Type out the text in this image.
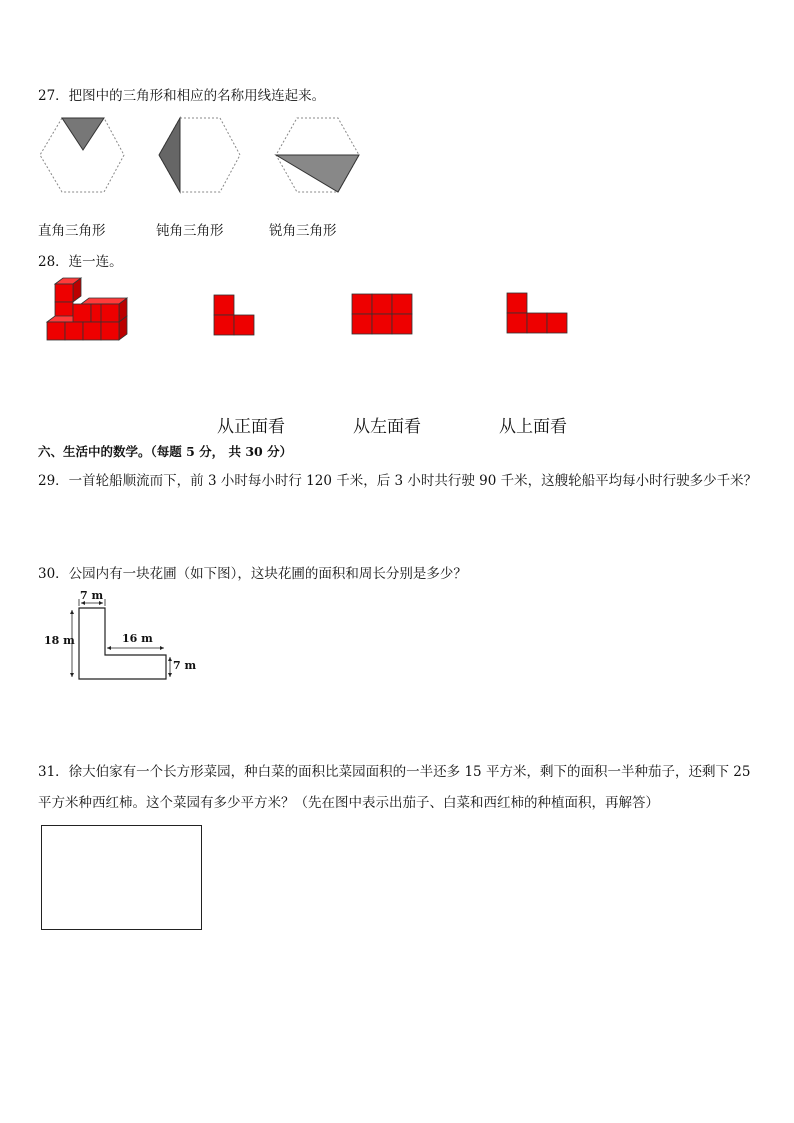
27．把图中的三角形和相应的名称用线连起来。
直角三角形	钝角三角形	锐角三角形
28．连一连。
从正面看	从左面看	从上面看
六、生活中的数学。（每题 5 分， 共 30 分）
29．一首轮船顺流而下，前 3 小时每小时行 120 千米，后 3 小时共行驶 90 千米，这艘轮船平均每小时行驶多少千米？
30．公园内有一块花圃（如下图），这块花圃的面积和周长分别是多少？
7 m
18 m	16 m
7 m
31．徐大伯家有一个长方形菜园，种白菜的面积比菜园面积的一半还多 15 平方米，剩下的面积一半种茄子，还剩下 25
平方米种西红柿。这个菜园有多少平方米？（先在图中表示出茄子、白菜和西红柿的种植面积，再解答）
